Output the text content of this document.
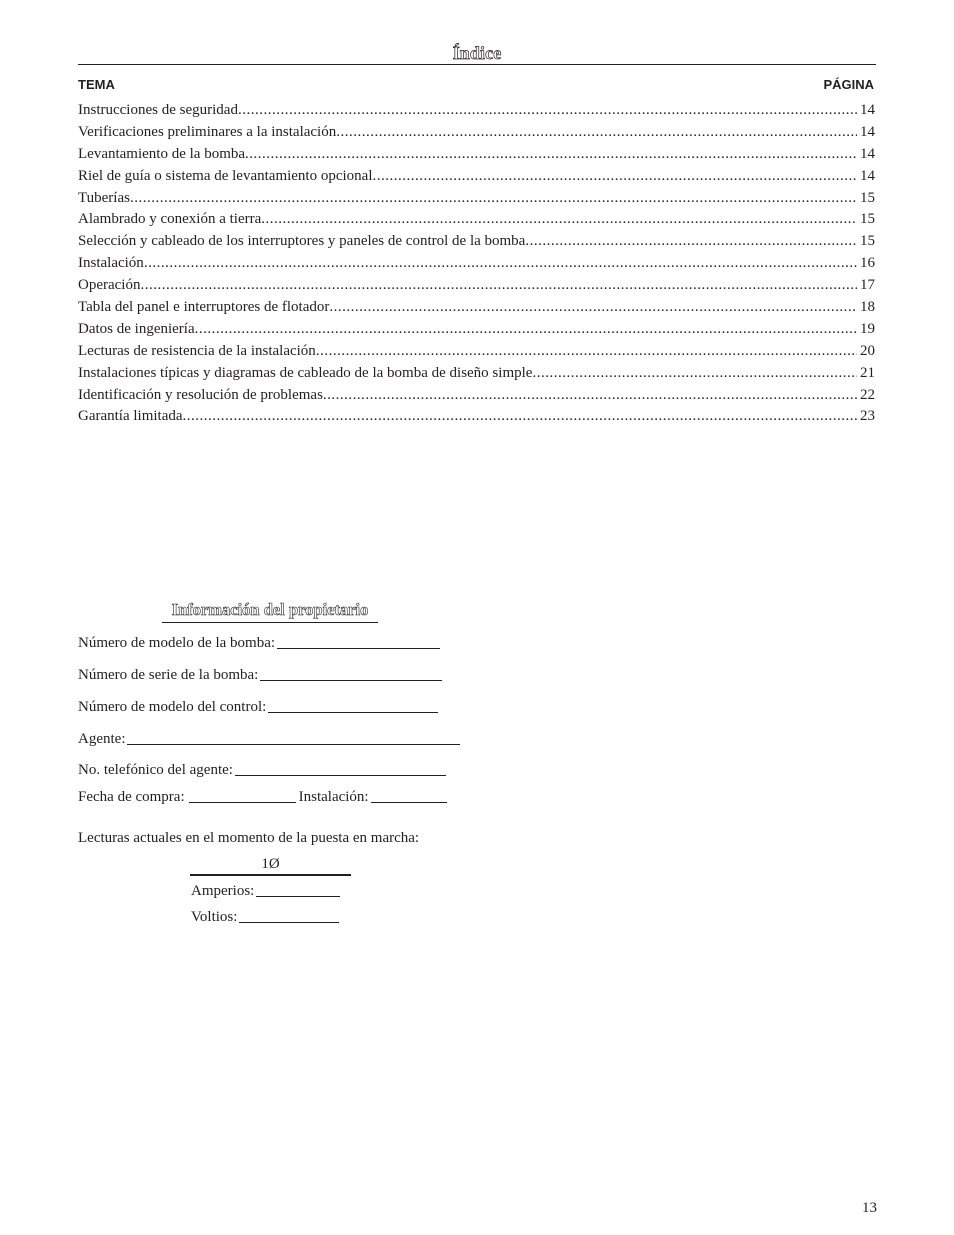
Índice
TEMA	PÁGINA
Instrucciones de seguridad .....	14
Verificaciones preliminares a la instalación .....	14
Levantamiento de la bomba .....	14
Riel de guía o sistema de levantamiento opcional .....	14
Tuberías .....	15
Alambrado y conexión a tierra .....	15
Selección y cableado de los interruptores y paneles de control de la bomba .....	15
Instalación .....	16
Operación .....	17
Tabla del panel e interruptores de flotador .....	18
Datos de ingeniería .....	19
Lecturas de resistencia de la instalación .....	20
Instalaciones típicas y diagramas de cableado de la bomba de diseño simple .....	21
Identificación y resolución de problemas .....	22
Garantía limitada .....	23
Información del propietario
Número de modelo de la bomba:
Número de serie de la bomba:
Número de modelo del control:
Agente:
No. telefónico del agente:
Fecha de compra:	Instalación:
Lecturas actuales en el momento de la puesta en marcha:
1Ø
Amperios:
Voltios:
13
